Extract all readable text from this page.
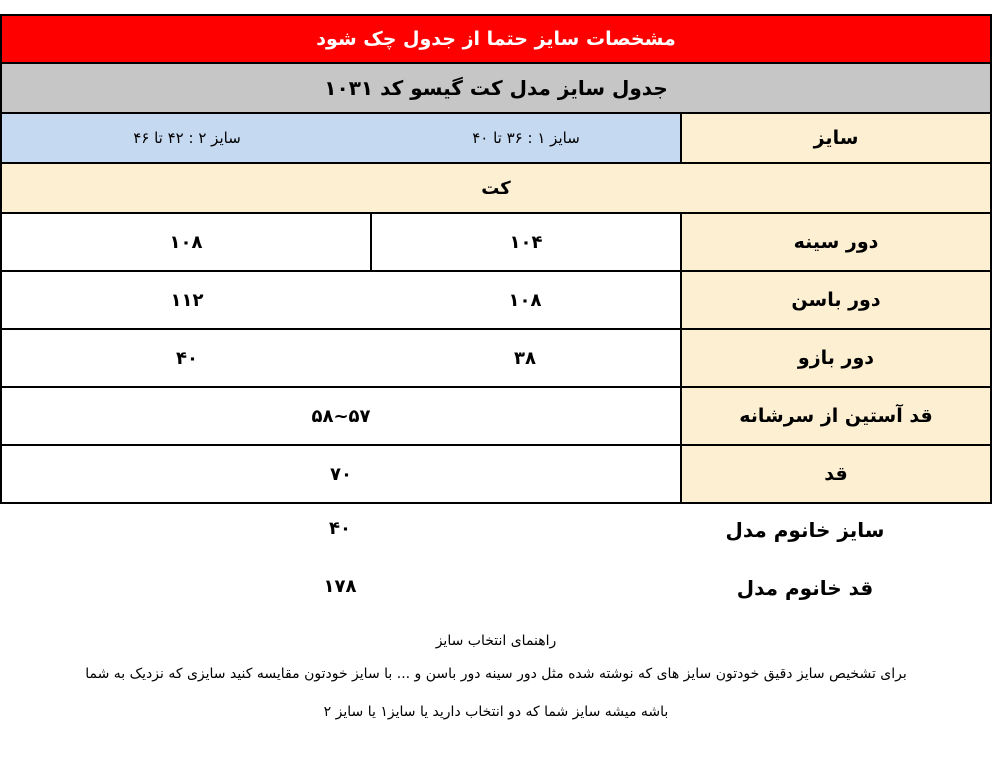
مشخصات سایز حتما از جدول چک شود
جدول سایز مدل کت گیسو کد ۱۰۳۱
سایز ۲ : ۴۲ تا ۴۶	سایز ۱ : ۳۶ تا ۴۰	سایز
کت
۱۰۸	۱۰۴	دور سینه
۱۱۲	۱۰۸	دور باسن
۴۰	۳۸	دور بازو
۵۸~۵۷	قد آستین از سرشانه
۷۰	قد
۴۰	سایز خانوم مدل
۱۷۸	قد خانوم مدل
راهنمای انتخاب سایز
برای تشخیص سایز دقیق خودتون سایز های که نوشته شده مثل دور سینه دور باسن و ... با سایز خودتون مقایسه کنید سایزی که نزدیک به شما
باشه میشه سایز شما که دو انتخاب دارید یا سایز۱ یا سایز ۲
